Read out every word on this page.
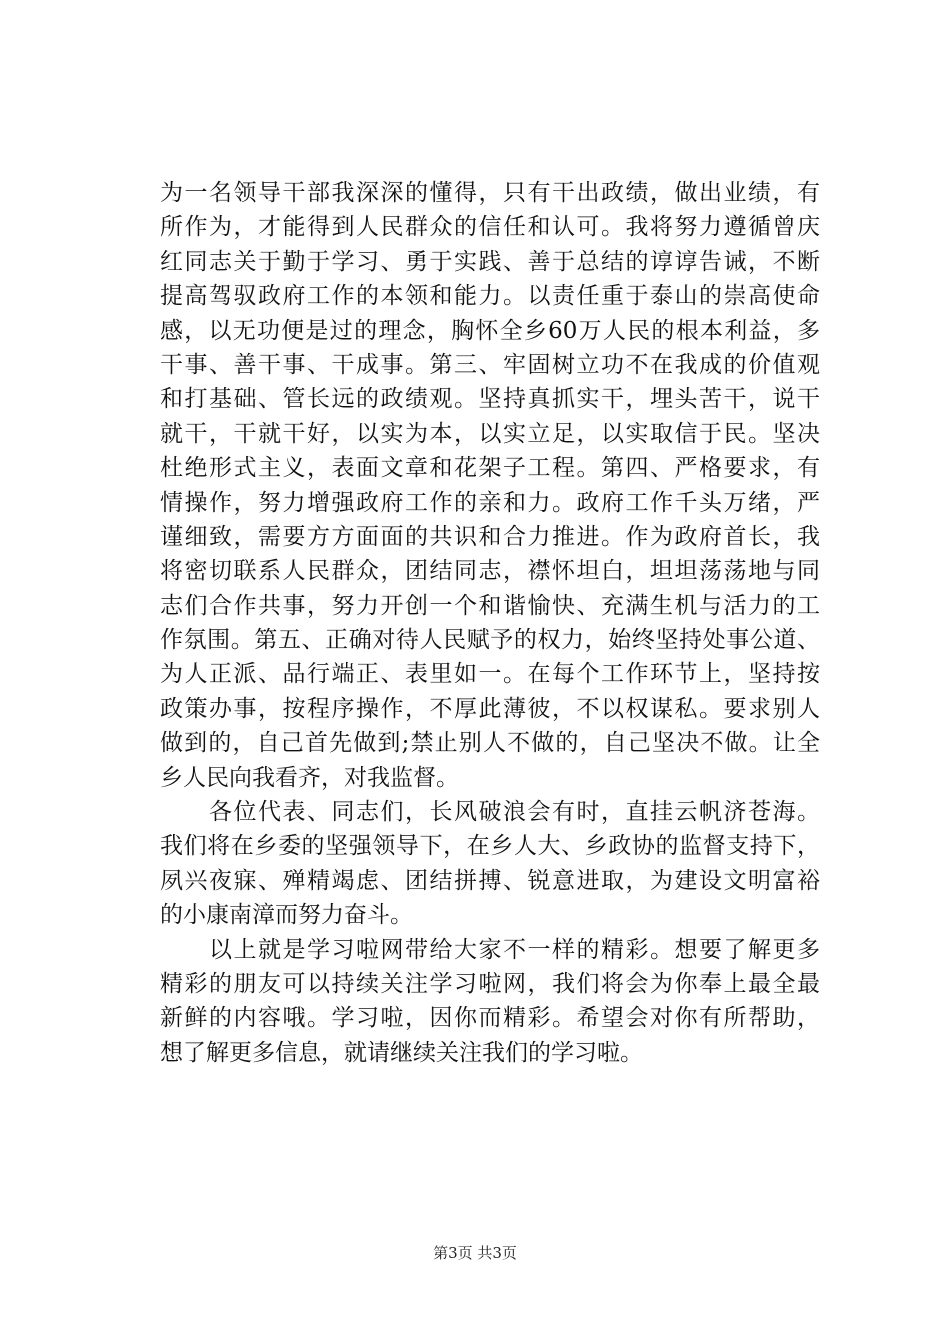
为一名领导干部我深深的懂得，只有干出政绩，做出业绩，有
所作为，才能得到人民群众的信任和认可。我将努力遵循曾庆
红同志关于勤于学习、勇于实践、善于总结的谆谆告诫，不断
提高驾驭政府工作的本领和能力。以责任重于泰山的崇高使命
感，以无功便是过的理念，胸怀全乡60万人民的根本利益，多
干事、善干事、干成事。第三、牢固树立功不在我成的价值观
和打基础、管长远的政绩观。坚持真抓实干，埋头苦干，说干
就干，干就干好，以实为本，以实立足，以实取信于民。坚决
杜绝形式主义，表面文章和花架子工程。第四、严格要求，有
情操作，努力增强政府工作的亲和力。政府工作千头万绪，严
谨细致，需要方方面面的共识和合力推进。作为政府首长，我
将密切联系人民群众，团结同志，襟怀坦白，坦坦荡荡地与同
志们合作共事，努力开创一个和谐愉快、充满生机与活力的工
作氛围。第五、正确对待人民赋予的权力，始终坚持处事公道、
为人正派、品行端正、表里如一。在每个工作环节上，坚持按
政策办事，按程序操作，不厚此薄彼，不以权谋私。要求别人
做到的，自己首先做到;禁止别人不做的，自己坚决不做。让全
乡人民向我看齐，对我监督。
　　各位代表、同志们，长风破浪会有时，直挂云帆济苍海。
我们将在乡委的坚强领导下，在乡人大、乡政协的监督支持下，
夙兴夜寐、殚精竭虑、团结拼搏、锐意进取，为建设文明富裕
的小康南漳而努力奋斗。
　　以上就是学习啦网带给大家不一样的精彩。想要了解更多
精彩的朋友可以持续关注学习啦网，我们将会为你奉上最全最
新鲜的内容哦。学习啦，因你而精彩。希望会对你有所帮助，
想了解更多信息，就请继续关注我们的学习啦。
第3页 共3页
